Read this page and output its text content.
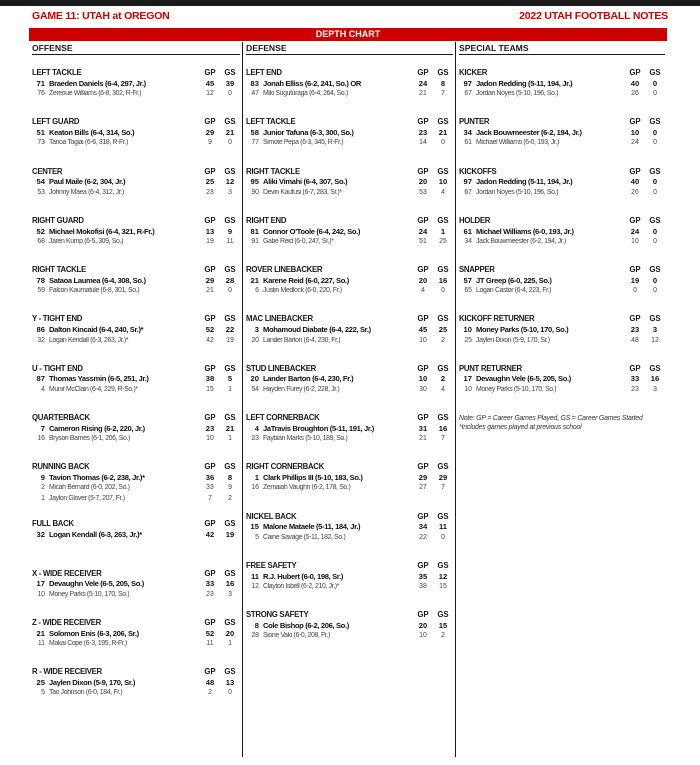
GAME 11: UTAH at OREGON	2022 UTAH FOOTBALL NOTES
DEPTH CHART
OFFENSE
LEFT TACKLE	GP	GS
71 Braeden Daniels (6-4, 297, Jr.)	45	39
76 Zereoue Williams (6-8, 302, R-Fr.)	12	0
LEFT GUARD	GP	GS
51 Keaton Bills (6-4, 314, So.)	29	21
73 Tanoa Togiai (6-6, 318, R-Fr.)	9	0
CENTER	GP	GS
54 Paul Maile (6-2, 304, Jr.)	25	12
53 Johnny Maea (6-4, 312, Jr.)	23	3
RIGHT GUARD	GP	GS
52 Michael Mokofisi (6-4, 321, R-Fr.)	13	9
68 Jaren Kump (6-5, 309, So.)	19	11
RIGHT TACKLE	GP	GS
78 Sataoa Laumea (6-4, 308, So.)	29	28
59 Falcon Kaumatule (6-8, 301, So.)	21	0
Y - TIGHT END	GP	GS
86 Dalton Kincaid (6-4, 240, Sr.)*	52	22
32 Logan Kendall (6-3, 263, Jr.)*	42	19
U - TIGHT END	GP	GS
87 Thomas Yassmin (6-5, 251, Jr.)	38	5
4 Munir McClain (6-4, 229, R-So.)*	15	1
QUARTERBACK	GP	GS
7 Cameron Rising (6-2, 220, Jr.)	23	21
16 Bryson Barnes (6-1, 206, So.)	10	1
RUNNING BACK	GP	GS
9 Tavion Thomas (6-2, 238, Jr.)*	36	8
2 Micah Bernard (6-0, 202, So.)	33	9
1 Jaylon Glover (5-7, 207, Fr.)	7	2
FULL BACK	GP	GS
32 Logan Kendall (6-3, 263, Jr.)*	42	19
X - WIDE RECEIVER	GP	GS
17 Devaughn Vele (6-5, 205, So.)	33	16
10 Money Parks (5-10, 170, So.)	23	3
Z - WIDE RECEIVER	GP	GS
21 Solomon Enis (6-3, 206, Sr.)	52	20
11 Makai Cope (6-3, 195, R-Fr.)	11	1
R - WIDE RECEIVER	GP	GS
25 Jaylen Dixon (5-9, 170, Sr.)	48	13
5 Tao Johnson (6-0, 184, Fr.)	2	0
DEFENSE
LEFT END	GP	GS
83 Jonah Elliss (6-2, 241, So.) OR	24	8
47 Miki Suguturaga (6-4, 264, So.)	21	7
LEFT TACKLE	GP	GS
58 Junior Tafuna (6-3, 300, So.)	23	21
77 Simote Pepa (6-3, 345, R-Fr.)	14	0
RIGHT TACKLE	GP	GS
95 Aliki Vimahi (6-4, 307, So.)	20	10
90 Devin Kaufusi (6-7, 283, Sr.)*	53	4
RIGHT END	GP	GS
81 Connor O'Toole (6-4, 242, So.)	24	1
91 Gabe Reid (6-0, 247, Sr.)*	51	25
ROVER LINEBACKER	GP	GS
21 Karene Reid (6-0, 227, So.)	20	16
6 Justin Medlock (6-0, 220, Fr.)	4	0
MAC LINEBACKER	GP	GS
3 Mohamoud Diabate (6-4, 222, Sr.)	45	25
20 Lander Barton (6-4, 230, Fr.)	10	2
STUD LINEBACKER	GP	GS
20 Lander Barton (6-4, 230, Fr.)	10	2
54 Hayden Furey (6-2, 228, Jr.)	30	4
LEFT CORNERBACK	GP	GS
4 JaTravis Broughton (5-11, 191, Jr.)	31	16
23 Faybian Marks (5-10, 189, So.)	21	7
RIGHT CORNERBACK	GP	GS
1 Clark Phillips III (5-10, 183, So.)	29	29
16 Zemaiah Vaughn (6-2, 178, So.)	27	7
NICKEL BACK	GP	GS
15 Malone Mataele (5-11, 184, Jr.)	34	11
5 Caine Savage (5-11, 182, So.)	22	0
FREE SAFETY	GP	GS
11 R.J. Hubert (6-0, 198, Sr.)	35	12
12 Clayton Isbell (6-2, 210, Jr.)*	38	15
STRONG SAFETY	GP	GS
8 Cole Bishop (6-2, 206, So.)	20	15
28 Sione Vaki (6-0, 208, Fr.)	10	2
SPECIAL TEAMS
KICKER	GP	GS
97 Jadon Redding (5-11, 194, Jr.)	40	0
67 Jordan Noyes (5-10, 196, So.)	26	0
PUNTER	GP	GS
34 Jack Bouwmeester (6-2, 194, Jr.)	10	0
61 Michael Williams (6-0, 193, Jr.)	24	0
KICKOFFS	GP	GS
97 Jadon Redding (5-11, 194, Jr.)	40	0
67 Jordan Noyes (5-10, 196, So.)	26	0
HOLDER	GP	GS
61 Michael Williams (6-0, 193, Jr.)	24	0
34 Jack Bouwmeester (6-2, 194, Jr.)	10	0
SNAPPER	GP	GS
57 JT Greep (6-0, 225, So.)	19	0
65 Logan Castor (6-4, 223, Fr.)	0	0
KICKOFF RETURNER	GP	GS
10 Money Parks (5-10, 170, So.)	23	3
25 Jaylen Dixon (5-9, 170, Sr.)	48	12
PUNT RETURNER	GP	GS
17 Devaughn Vele (6-5, 205, So.)	33	16
10 Money Parks (5-10, 170, So.)	23	3
Note: GP = Career Games Played, GS = Career Games Started
*Includes games played at previous school
